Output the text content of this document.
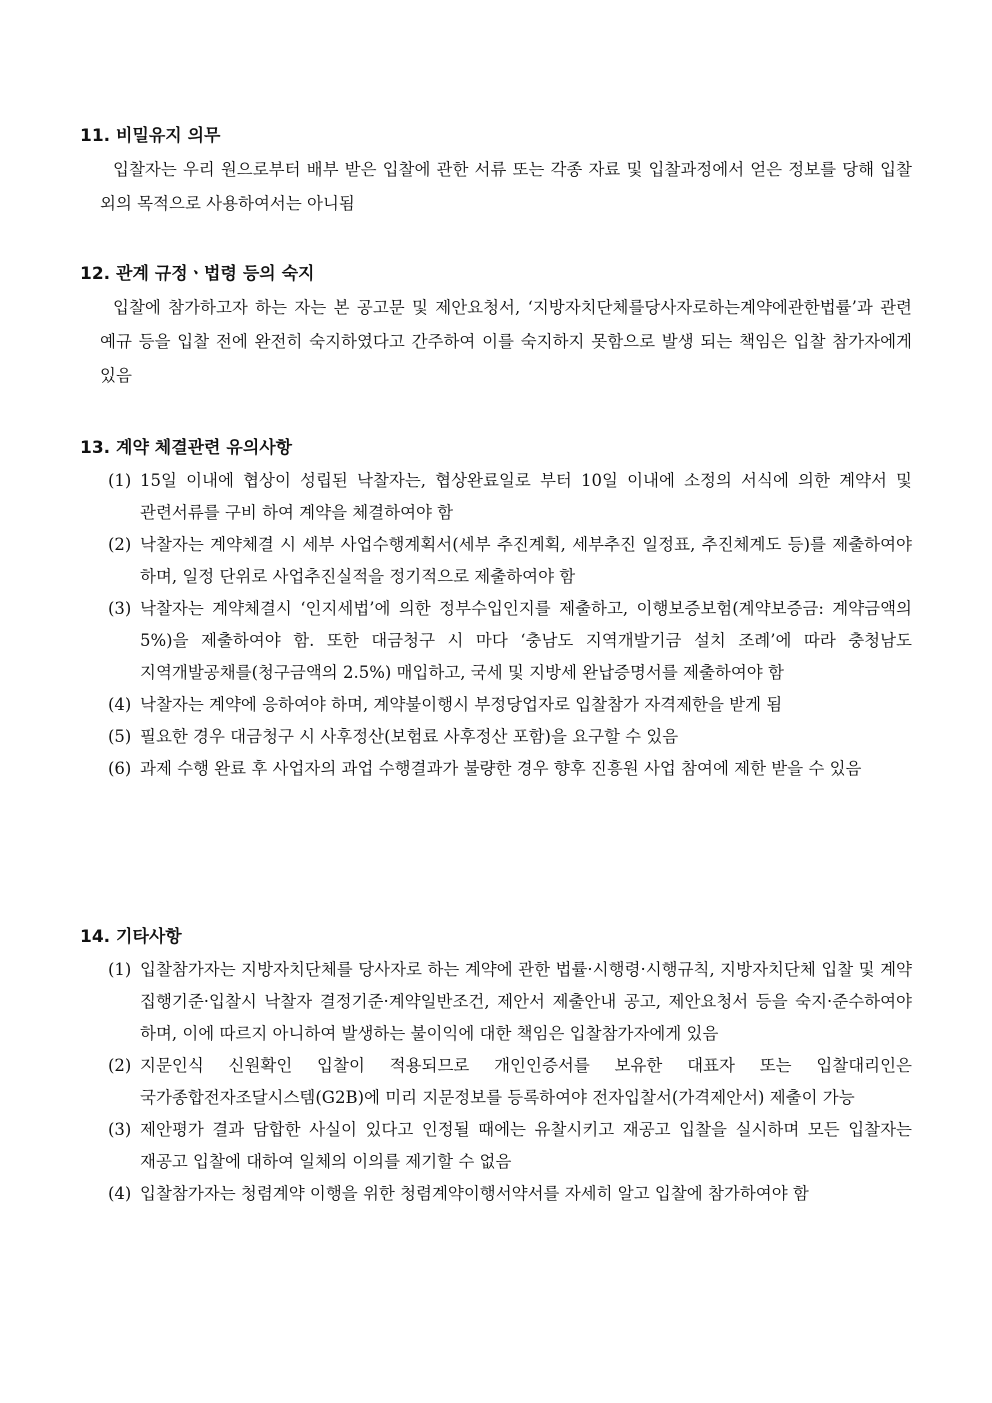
11. 비밀유지 의무

입찰자는 우리 원으로부터 배부 받은 입찰에 관한 서류 또는 각종 자료 및 입찰과정에서 얻은 정보를 당해 입찰 외의 목적으로 사용하여서는 아니됨

12. 관계 규정ㆍ법령 등의 숙지

입찰에 참가하고자 하는 자는 본 공고문 및 제안요청서, ‘지방자치단체를당사자로하는계약에관한법률’과 관련 예규 등을 입찰 전에 완전히 숙지하였다고 간주하여 이를 숙지하지 못함으로 발생 되는 책임은 입찰 참가자에게 있음

13. 계약 체결관련 유의사항
(1) 15일 이내에 협상이 성립된 낙찰자는, 협상완료일로 부터 10일 이내에 소정의 서식에 의한 계약서 및 관련서류를 구비 하여 계약을 체결하여야 함
(2) 낙찰자는 계약체결 시 세부 사업수행계획서(세부 추진계획, 세부추진 일정표, 추진체계도 등)를 제출하여야 하며, 일정 단위로 사업추진실적을 정기적으로 제출하여야 함
(3) 낙찰자는 계약체결시 ‘인지세법’에 의한 정부수입인지를 제출하고, 이행보증보험(계약보증금: 계약금액의 5%)을 제출하여야 함. 또한 대금청구 시 마다 ‘충남도 지역개발기금 설치 조례’에 따라 충청남도 지역개발공채를(청구금액의 2.5%) 매입하고, 국세 및 지방세 완납증명서를 제출하여야 함
(4) 낙찰자는 계약에 응하여야 하며, 계약불이행시 부정당업자로 입찰참가 자격제한을 받게 됨
(5) 필요한 경우 대금청구 시 사후정산(보험료 사후정산 포함)을 요구할 수 있음
(6) 과제 수행 완료 후 사업자의 과업 수행결과가 불량한 경우 향후 진흥원 사업 참여에 제한 받을 수 있음
14. 기타사항
(1) 입찰참가자는 지방자치단체를 당사자로 하는 계약에 관한 법률·시행령·시행규칙, 지방자치단체 입찰 및 계약 집행기준·입찰시 낙찰자 결정기준·계약일반조건, 제안서 제출안내 공고, 제안요청서 등을 숙지·준수하여야 하며, 이에 따르지 아니하여 발생하는 불이익에 대한 책임은 입찰참가자에게 있음
(2) 지문인식 신원확인 입찰이 적용되므로 개인인증서를 보유한 대표자 또는 입찰대리인은 국가종합전자조달시스템(G2B)에 미리 지문정보를 등록하여야 전자입찰서(가격제안서) 제출이 가능
(3) 제안평가 결과 담합한 사실이 있다고 인정될 때에는 유찰시키고 재공고 입찰을 실시하며 모든 입찰자는 재공고 입찰에 대하여 일체의 이의를 제기할 수 없음
(4) 입찰참가자는 청렴계약 이행을 위한 청렴계약이행서약서를 자세히 알고 입찰에 참가하여야 함
